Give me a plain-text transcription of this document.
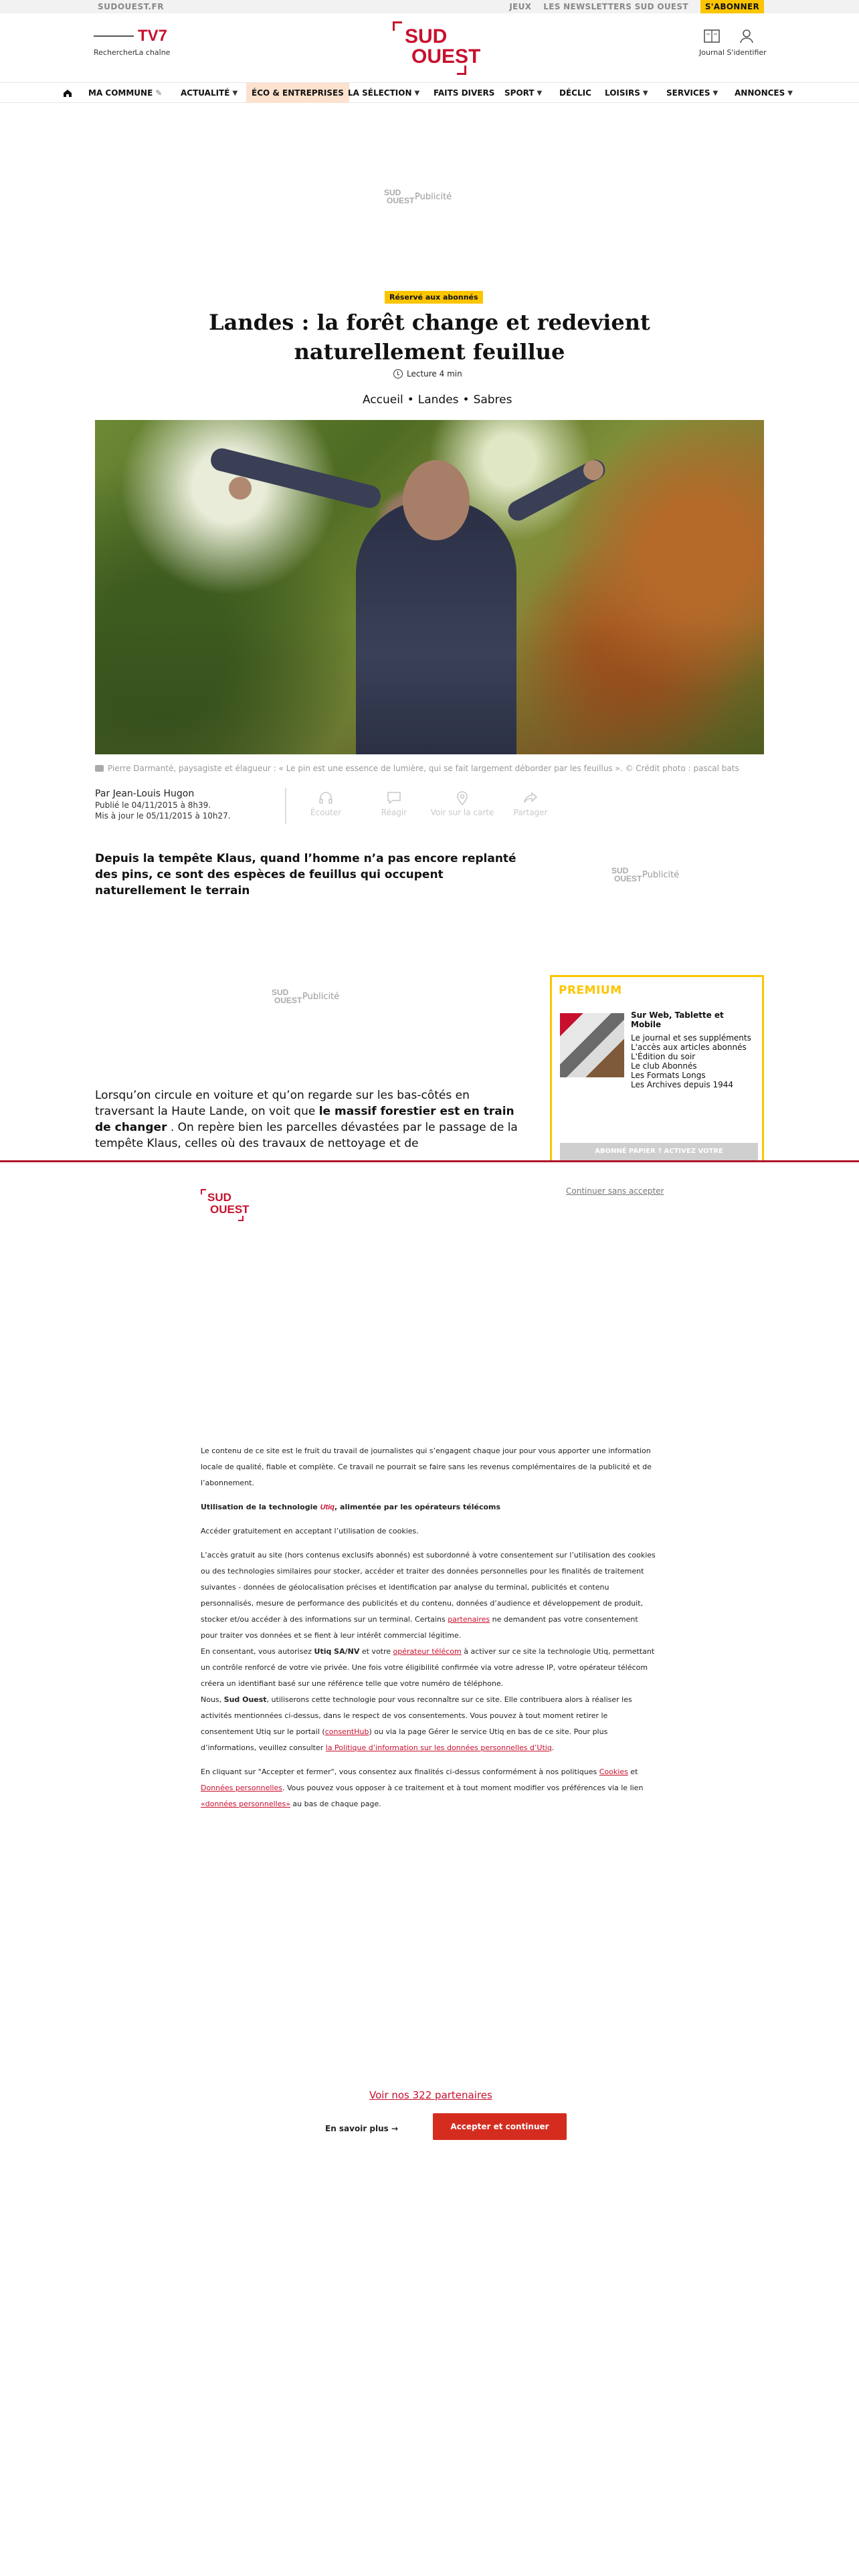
SUDOUEST.FR	JEUX LES NEWSLETTERS SUD OUEST	S'ABONNER
Rechercher
TV7
La chaîne
SUD
OUEST	Journal S'identifier
MA COMMUNE ✎ ACTUALITÉ ▼ ÉCO & ENTREPRISES LA SÉLECTION ▼ FAITS DIVERS SPORT ▼ DÉCLIC LOISIRS ▼ SERVICES ▼ ANNONCES ▼
SUD
OUEST Publicité
Réservé aux abonnés
Landes : la forêt change et redevient naturellement feuillue
Lecture 4 min
Accueil • Landes • Sabres
Pierre Darmanté, paysagiste et élagueur : « Le pin est une essence de lumière, qui se fait largement déborder par les feuillus ». © Crédit photo : pascal bats
Par Jean-Louis Hugon
Publié le 04/11/2015 à 8h39.
Mis à jour le 05/11/2015 à 10h27.	Écouter	Réagir	Voir sur la carte	Partager

Depuis la tempête Klaus, quand l’homme n’a pas encore replanté des pins, ce sont des espèces de feuillus qui occupent naturellement le terrain

SUD
OUEST Publicité
SUD
OUEST Publicité	PREMIUM
Sur Web, Tablette et Mobile
Le journal et ses suppléments
L'accès aux articles abonnés
L'Édition du soir
Le club Abonnés
Les Formats Longs
Les Archives depuis 1944
ABONNÉ PAPIER ? ACTIVEZ VOTRE

Lorsqu’on circule en voiture et qu’on regarde sur les bas-côtés en traversant la Haute Lande, on voit que le massif forestier est en train de changer . On repère bien les parcelles dévastées par le passage de la tempête Klaus, celles où des travaux de nettoyage et de

SUD
OUEST
Continuer sans accepter

Le contenu de ce site est le fruit du travail de journalistes qui s’engagent chaque jour pour vous apporter une information locale de qualité, fiable et complète. Ce travail ne pourrait se faire sans les revenus complémentaires de la publicité et de l’abonnement.

Utilisation de la technologie Utiq, alimentée par les opérateurs télécoms

Accéder gratuitement en acceptant l’utilisation de cookies.

L’accès gratuit au site (hors contenus exclusifs abonnés) est subordonné à votre consentement sur l’utilisation des cookies ou des technologies similaires pour stocker, accéder et traiter des données personnelles pour les finalités de traitement suivantes - données de géolocalisation précises et identification par analyse du terminal, publicités et contenu personnalisés, mesure de performance des publicités et du contenu, données d’audience et développement de produit, stocker et/ou accéder à des informations sur un terminal. Certains partenaires ne demandent pas votre consentement pour traiter vos données et se fient à leur intérêt commercial légitime.
En consentant, vous autorisez Utiq SA/NV et votre opérateur télécom à activer sur ce site la technologie Utiq, permettant un contrôle renforcé de votre vie privée. Une fois votre éligibilité confirmée via votre adresse IP, votre opérateur télécom créera un identifiant basé sur une référence telle que votre numéro de téléphone.
Nous, Sud Ouest, utiliserons cette technologie pour vous reconnaître sur ce site. Elle contribuera alors à réaliser les activités mentionnées ci-dessus, dans le respect de vos consentements. Vous pouvez à tout moment retirer le consentement Utiq sur le portail (consentHub) ou via la page Gérer le service Utiq en bas de ce site. Pour plus d’informations, veuillez consulter la Politique d’information sur les données personnelles d’Utiq.

En cliquant sur "Accepter et fermer", vous consentez aux finalités ci-dessus conformément à nos politiques Cookies et Données personnelles. Vous pouvez vous opposer à ce traitement et à tout moment modifier vos préférences via le lien «données personnelles» au bas de chaque page.

Voir nos 322 partenaires
En savoir plus →	Accepter et continuer
